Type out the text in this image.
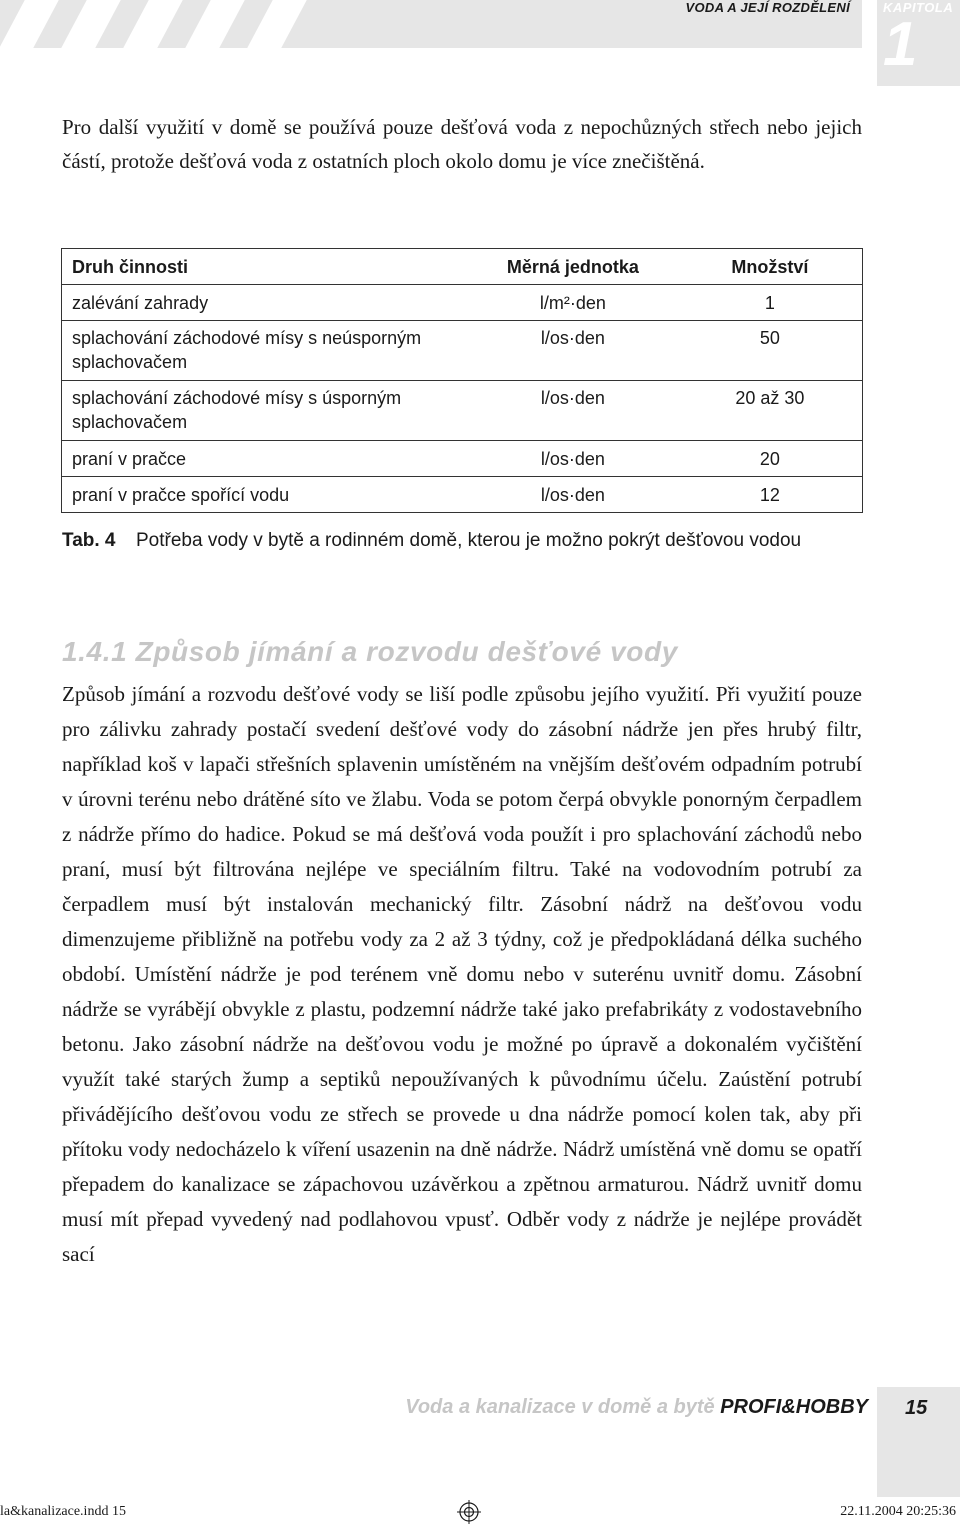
VODA A JEJÍ ROZDĚLENÍ	KAPITOLA
1

Pro další využití v domě se používá pouze dešťová voda z nepochůzných střech nebo jejich částí, protože dešťová voda z ostatních ploch okolo domu je více znečištěná.

Druh činnosti	Měrná jednotka	Množství
zalévání zahrady	l/m²·den	1
splachování záchodové mísy s neúsporným splachovačem	l/os·den	50
splachování záchodové mísy s úsporným splachovačem	l/os·den	20 až 30
praní v pračce	l/os·den	20
praní v pračce spořící vodu	l/os·den	12
Tab. 4	Potřeba vody v bytě a rodinném domě, kterou je možno pokrýt dešťovou vodou
1.4.1 Způsob jímání a rozvodu dešťové vody

Způsob jímání a rozvodu dešťové vody se liší podle způsobu jejího využití. Při využití pouze pro zálivku zahrady postačí svedení dešťové vody do zásobní nádrže jen přes hrubý filtr, například koš v lapači střešních splavenin umístěném na vnějším dešťovém odpadním potrubí v úrovni terénu nebo drátěné síto ve žlabu. Voda se potom čerpá obvykle ponorným čerpadlem z nádrže přímo do hadice. Pokud se má dešťová voda použít i pro splachování záchodů nebo praní, musí být filtrována nejlépe ve speciálním filtru. Také na vodovodním potrubí za čerpadlem musí být instalován mechanický filtr. Zásobní nádrž na dešťovou vodu dimenzujeme přibližně na potřebu vody za 2 až 3 týdny, což je předpokládaná délka suchého období. Umístění nádrže je pod terénem vně domu nebo v suterénu uvnitř domu. Zásobní nádrže se vyrábějí obvykle z plastu, podzemní nádrže také jako prefabrikáty z vodostavebního betonu. Jako zásobní nádrže na dešťovou vodu je možné po úpravě a dokonalém vyčištění využít také starých žump a septiků nepoužívaných k původnímu účelu. Zaústění potrubí přivádějícího dešťovou vodu ze střech se provede u dna nádrže pomocí kolen tak, aby při přítoku vody nedocházelo k víření usazenin na dně nádrže. Nádrž umístěná vně domu se opatří přepadem do kanalizace se zápachovou uzávěrkou a zpětnou armaturou. Nádrž uvnitř domu musí mít přepad vyvedený nad podlahovou vpusť. Odběr vody z nádrže je nejlépe provádět sací

Voda a kanalizace v domě a bytě PROFI&HOBBY 15
la&kanalizace.indd 15	22.11.2004 20:25:36
